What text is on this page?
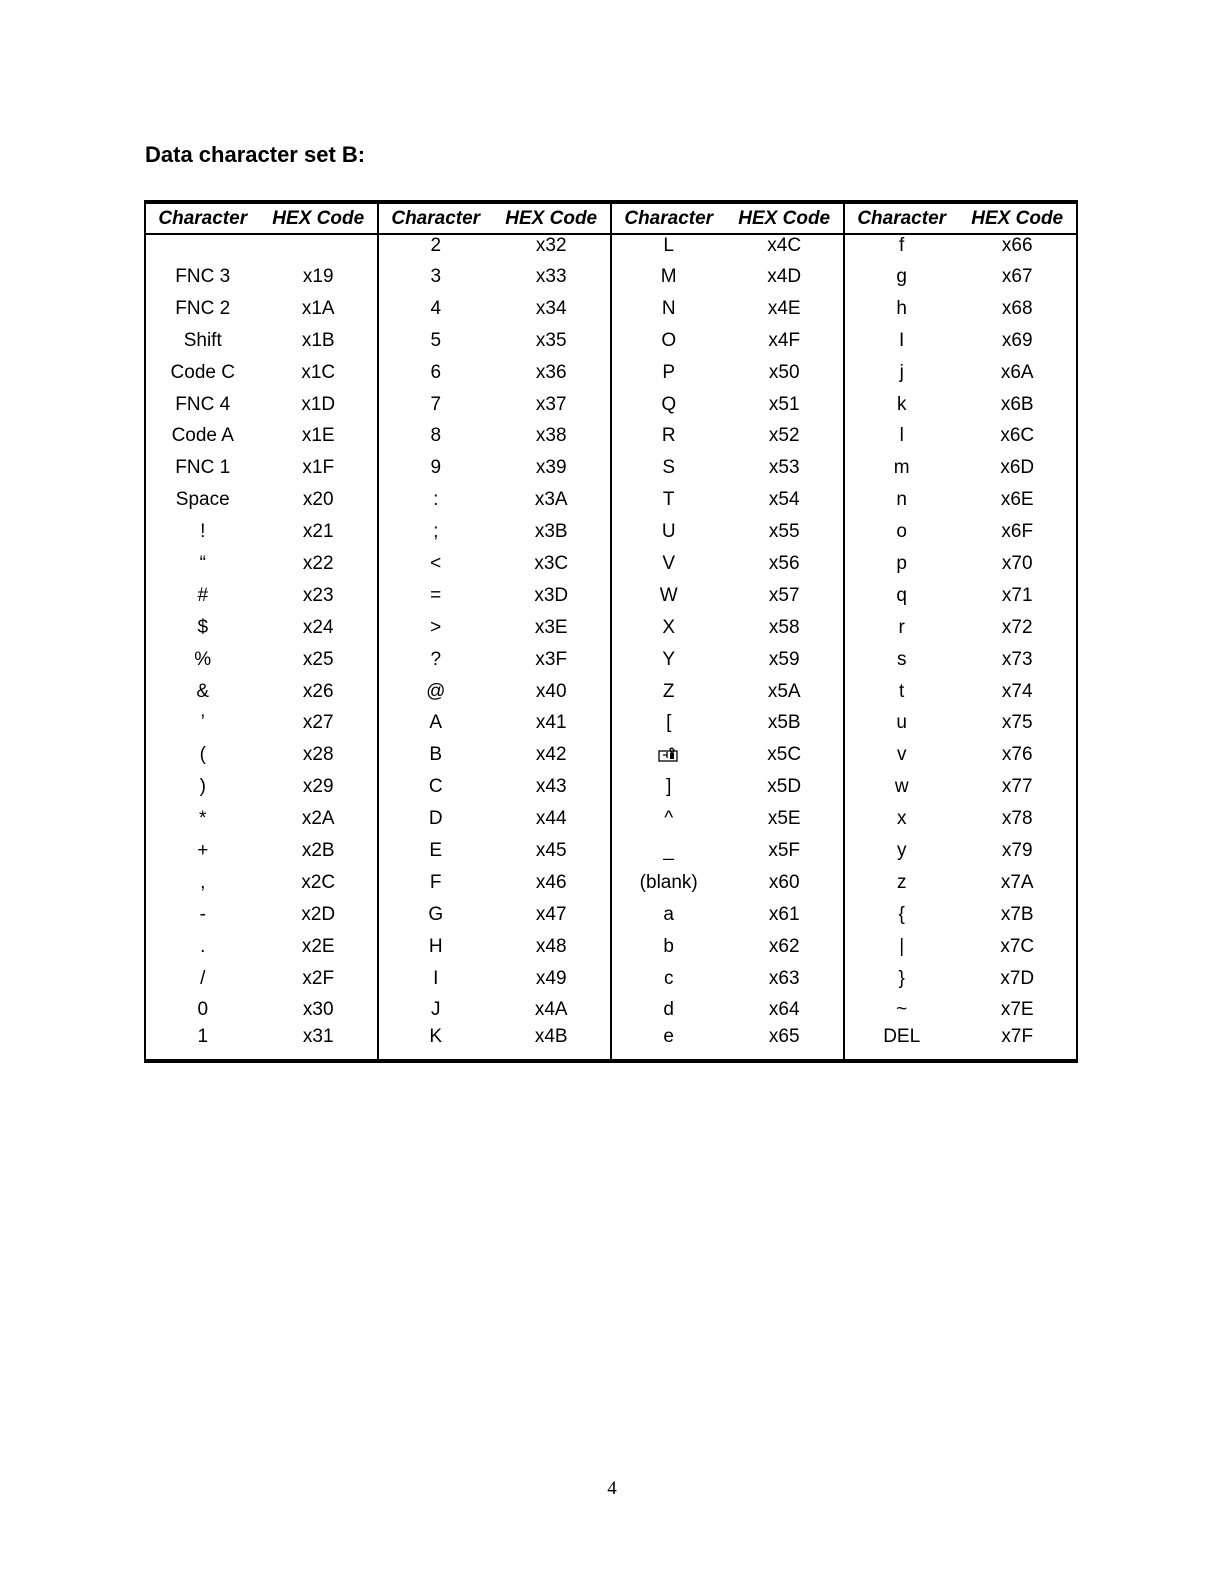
Data character set B:
Character	HEX Code	Character	HEX Code	Character	HEX Code	Character	HEX Code
		2	x32	L	x4C	f	x66
FNC 3	x19	3	x33	M	x4D	g	x67
FNC 2	x1A	4	x34	N	x4E	h	x68
Shift	x1B	5	x35	O	x4F	I	x69
Code C	x1C	6	x36	P	x50	j	x6A
FNC 4	x1D	7	x37	Q	x51	k	x6B
Code A	x1E	8	x38	R	x52	l	x6C
FNC 1	x1F	9	x39	S	x53	m	x6D
Space	x20	:	x3A	T	x54	n	x6E
!	x21	;	x3B	U	x55	o	x6F
“	x22	<	x3C	V	x56	p	x70
#	x23	=	x3D	W	x57	q	x71
$	x24	>	x3E	X	x58	r	x72
%	x25	?	x3F	Y	x59	s	x73
&	x26	@	x40	Z	x5A	t	x74
’	x27	A	x41	[	x5B	u	x75
(	x28	B	x42		x5C	v	x76
)	x29	C	x43	]	x5D	w	x77
*	x2A	D	x44	^	x5E	x	x78
+	x2B	E	x45	_	x5F	y	x79
,	x2C	F	x46	(blank)	x60	z	x7A
-	x2D	G	x47	a	x61	{	x7B
.	x2E	H	x48	b	x62	|	x7C
/	x2F	I	x49	c	x63	}	x7D
0	x30	J	x4A	d	x64	~	x7E
1	x31	K	x4B	e	x65	DEL	x7F
4
